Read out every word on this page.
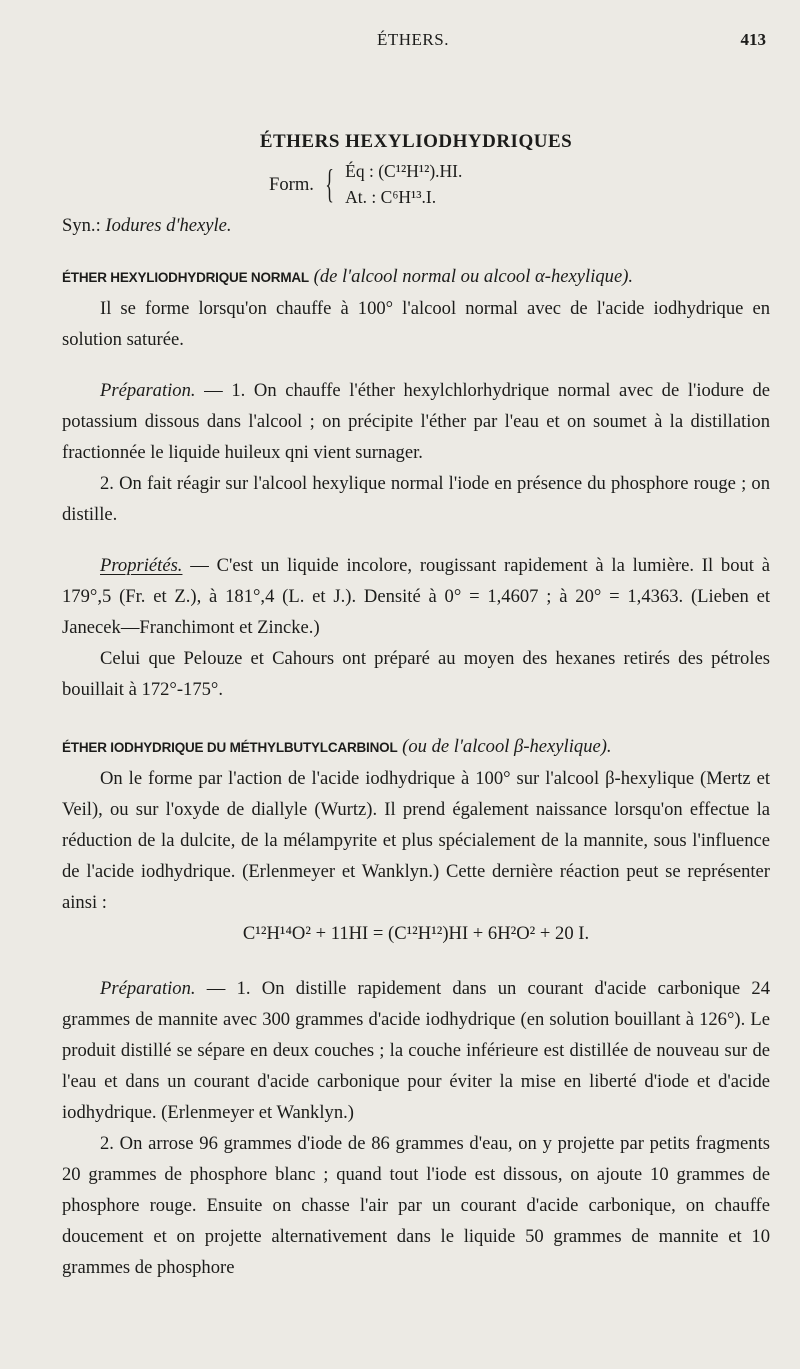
ÉTHERS.	413
ÉTHERS HEXYLIODHYDRIQUES
Form. { Éq : (C¹²H¹²).HI.
At. : C⁶H¹³.I.

Syn.: Iodures d'hexyle.

ÉTHER HEXYLIODHYDRIQUE NORMAL (de l'alcool normal ou alcool α-hexylique).

Il se forme lorsqu'on chauffe à 100° l'alcool normal avec de l'acide iodhydrique en solution saturée.

Préparation. — 1. On chauffe l'éther hexylchlorhydrique normal avec de l'iodure de potassium dissous dans l'alcool ; on précipite l'éther par l'eau et on soumet à la distillation fractionnée le liquide huileux qni vient surnager.

2. On fait réagir sur l'alcool hexylique normal l'iode en présence du phosphore rouge ; on distille.

Propriétés. — C'est un liquide incolore, rougissant rapidement à la lumière. Il bout à 179°,5 (Fr. et Z.), à 181°,4 (L. et J.). Densité à 0° = 1,4607 ; à 20° = 1,4363. (Lieben et Janecek—Franchimont et Zincke.)

Celui que Pelouze et Cahours ont préparé au moyen des hexanes retirés des pétroles bouillait à 172°-175°.

ÉTHER IODHYDRIQUE DU MÉTHYLBUTYLCARBINOL (ou de l'alcool β-hexylique).

On le forme par l'action de l'acide iodhydrique à 100° sur l'alcool β-hexylique (Mertz et Veil), ou sur l'oxyde de diallyle (Wurtz). Il prend également naissance lorsqu'on effectue la réduction de la dulcite, de la mélampyrite et plus spécialement de la mannite, sous l'influence de l'acide iodhydrique. (Erlenmeyer et Wanklyn.) Cette dernière réaction peut se représenter ainsi :

C¹²H¹⁴O² + 11HI = (C¹²H¹²)HI + 6H²O² + 20 I.

Préparation. — 1. On distille rapidement dans un courant d'acide carbonique 24 grammes de mannite avec 300 grammes d'acide iodhydrique (en solution bouillant à 126°). Le produit distillé se sépare en deux couches ; la couche inférieure est distillée de nouveau sur de l'eau et dans un courant d'acide carbonique pour éviter la mise en liberté d'iode et d'acide iodhydrique. (Erlenmeyer et Wanklyn.)

2. On arrose 96 grammes d'iode de 86 grammes d'eau, on y projette par petits fragments 20 grammes de phosphore blanc ; quand tout l'iode est dissous, on ajoute 10 grammes de phosphore rouge. Ensuite on chasse l'air par un courant d'acide carbonique, on chauffe doucement et on projette alternativement dans le liquide 50 grammes de mannite et 10 grammes de phosphore
